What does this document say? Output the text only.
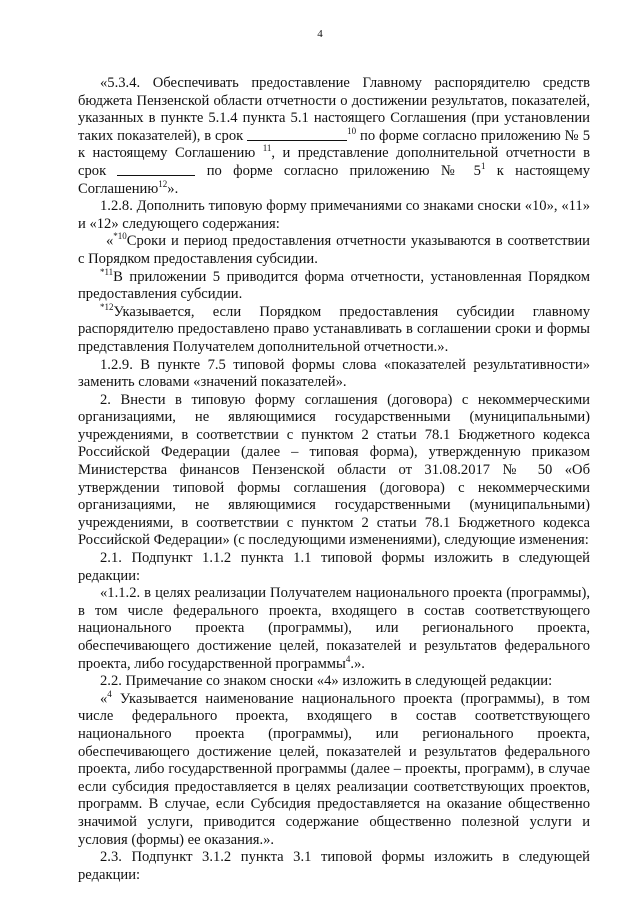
4

«5.3.4. Обеспечивать предоставление Главному распорядителю средств бюджета Пензенской области отчетности о достижении результатов, показателей, указанных в пункте 5.1.4 пункта 5.1 настоящего Соглашения (при установлении таких показателей), в срок	$^{10}$ по форме согласно приложению № 5 к настоящему Соглашению $^{11}$, и представление дополнительной отчетности в срок	по форме согласно приложению № $5^1$ к настоящему Соглашению$^{12}$».

1.2.8. Дополнить типовую форму примечаниями со знаками сноски «10», «11» и «12» следующего содержания:

«$^{*10}$Сроки и период предоставления отчетности указываются в соответствии с Порядком предоставления субсидии.

$^{*11}$В приложении 5 приводится форма отчетности, установленная Порядком предоставления субсидии.

$^{*12}$Указывается, если Порядком предоставления субсидии главному распорядителю предоставлено право устанавливать в соглашении сроки и формы представления Получателем дополнительной отчетности.».

1.2.9. В пункте 7.5 типовой формы слова «показателей результативности» заменить словами «значений показателей».

2. Внести в типовую форму соглашения (договора) с некоммерческими организациями, не являющимися государственными (муниципальными) учреждениями, в соответствии с пунктом 2 статьи 78.1 Бюджетного кодекса Российской Федерации (далее – типовая форма), утвержденную приказом Министерства финансов Пензенской области от 31.08.2017 № 50 «Об утверждении типовой формы соглашения (договора) с некоммерческими организациями, не являющимися государственными (муниципальными) учреждениями, в соответствии с пунктом 2 статьи 78.1 Бюджетного кодекса Российской Федерации» (с последующими изменениями), следующие изменения:

2.1. Подпункт 1.1.2 пункта 1.1 типовой формы изложить в следующей редакции:

«1.1.2. в целях реализации Получателем национального проекта (программы), в том числе федерального проекта, входящего в состав соответствующего национального проекта (программы), или регионального проекта, обеспечивающего достижение целей, показателей и результатов федерального проекта, либо государственной программы$^4$.».

2.2. Примечание со знаком сноски «4» изложить в следующей редакции:

«$^4$ Указывается наименование национального проекта (программы), в том числе федерального проекта, входящего в состав соответствующего национального проекта (программы), или регионального проекта, обеспечивающего достижение целей, показателей и результатов федерального проекта, либо государственной программы (далее – проекты, программ), в случае если субсидия предоставляется в целях реализации соответствующих проектов, программ. В случае, если Субсидия предоставляется на оказание общественно значимой услуги, приводится содержание общественно полезной услуги и условия (формы) ее оказания.».

2.3. Подпункт 3.1.2 пункта 3.1 типовой формы изложить в следующей редакции:
